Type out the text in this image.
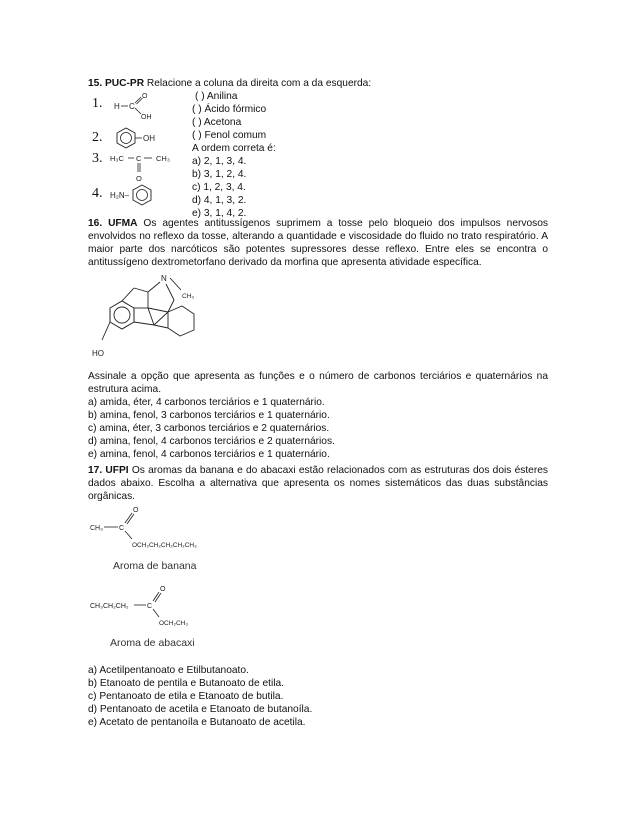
15. PUC-PR Relacione a coluna da direita com a da esquerda:
1.
2.
3.
4.
H C
O
OH
OH
H₃C C CH₃
O
H₂N–
( ) Anilina
( ) Ácido fórmico
( ) Acetona
( ) Fenol comum
A ordem correta é:
a) 2, 1, 3, 4.
b) 3, 1, 2, 4.
c) 1, 2, 3, 4.
d) 4, 1, 3, 2.
e) 3, 1, 4, 2.
16. UFMA Os agentes antitussígenos suprimem a tosse pelo bloqueio dos impulsos nervosos envolvidos no reflexo da tosse, alterando a quantidade e viscosidade do fluido no trato respiratório. A maior parte dos narcóticos são potentes supressores desse reflexo. Entre eles se encontra o antitussígeno dextrometorfano derivado da morfina que apresenta atividade específica.
HO
N
CH₃
Assinale a opção que apresenta as funções e o número de carbonos terciários e quaternários na estrutura acima.
a) amida, éter, 4 carbonos terciários e 1 quaternário.
b) amina, fenol, 3 carbonos terciários e 1 quaternário.
c) amina, éter, 3 carbonos terciários e 2 quaternários.
d) amina, fenol, 4 carbonos terciários e 2 quaternários.
e) amina, fenol, 4 carbonos terciários e 1 quaternário.
17. UFPI Os aromas da banana e do abacaxi estão relacionados com as estruturas dos dois ésteres dados abaixo. Escolha a alternativa que apresenta os nomes sistemáticos das duas substâncias orgânicas.
CH₃ C
O
OCH₂CH₂CH₂CH₂CH₃
Aroma de banana
CH₃CH₂CH₂	C
O
OCH₂CH₃
Aroma de abacaxi
a) Acetilpentanoato e Etilbutanoato.
b) Etanoato de pentila e Butanoato de etila.
c) Pentanoato de etila e Etanoato de butila.
d) Pentanoato de acetila e Etanoato de butanoíla.
e) Acetato de pentanoíla e Butanoato de acetila.
